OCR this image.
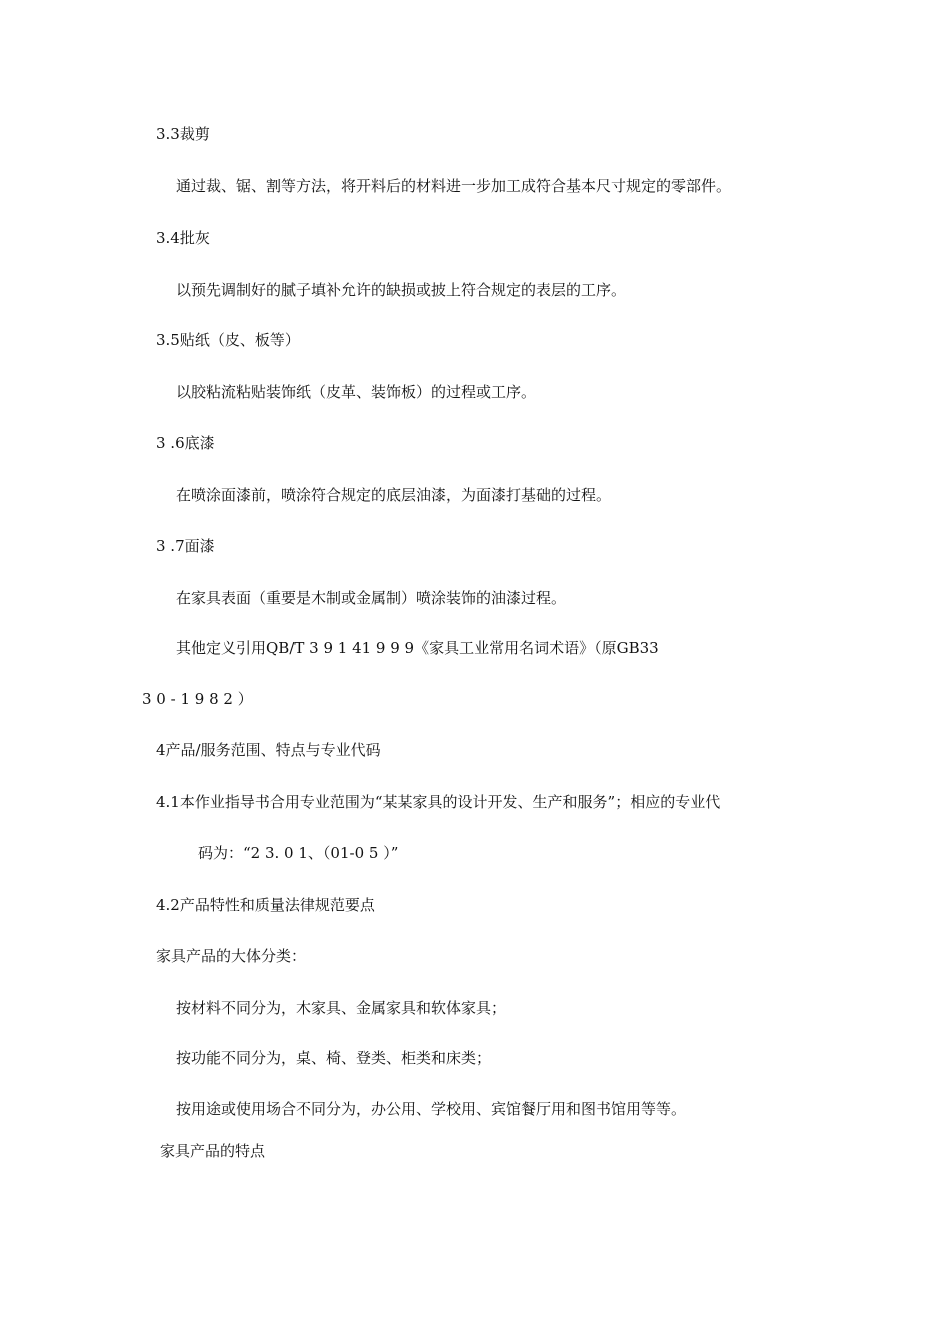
3.3裁剪

通过裁、锯、割等方法，将开料后的材料进一步加工成符合基本尺寸规定的零部件。

3.4批灰

以预先调制好的腻子填补允许的缺损或披上符合规定的表层的工序。

3.5贴纸（皮、板等）

以胶粘流粘贴装饰纸（皮革、装饰板）的过程或工序。

3 .6底漆

在喷涂面漆前，喷涂符合规定的底层油漆，为面漆打基础的过程。

3 .7面漆

在家具表面（重要是木制或金属制）喷涂装饰的油漆过程。

其他定义引用QB/T 3 9 1 41 9 9 9《家具工业常用名词术语》（原GB33

3 0 - 1 9 8 2 ）

4产品/服务范围、特点与专业代码

4.1本作业指导书合用专业范围为“某某家具的设计开发、生产和服务”；相应的专业代

码为：“2 3. 0 1、（01-0 5 ）”

4.2产品特性和质量法律规范要点

家具产品的大体分类：

按材料不同分为，木家具、金属家具和软体家具；

按功能不同分为，桌、椅、登类、柜类和床类；

按用途或使用场合不同分为，办公用、学校用、宾馆餐厅用和图书馆用等等。

家具产品的特点
